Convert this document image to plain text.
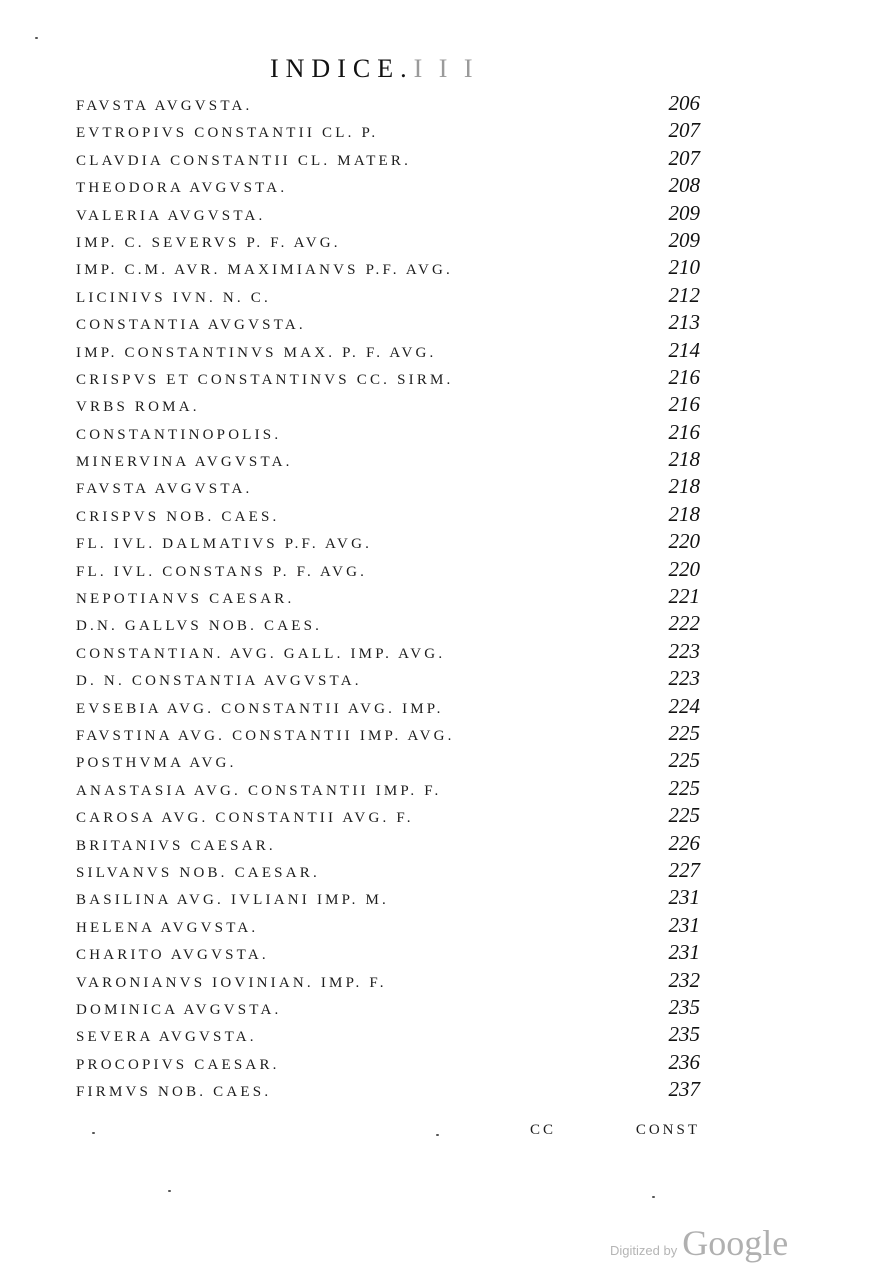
INDICE.I I I
FAVSTA AVGVSTA.	206
EVTROPIVS CONSTANTII CL. P.	207
CLAVDIA CONSTANTII CL. MATER.	207
THEODORA AVGVSTA.	208
VALERIA AVGVSTA.	209
IMP. C. SEVERVS P. F. AVG.	209
IMP. C.M. AVR. MAXIMIANVS P.F. AVG.	210
LICINIVS IVN. N. C.	212
CONSTANTIA AVGVSTA.	213
IMP. CONSTANTINVS MAX. P. F. AVG.	214
CRISPVS ET CONSTANTINVS CC. SIRM.	216
VRBS ROMA.	216
CONSTANTINOPOLIS.	216
MINERVINA AVGVSTA.	218
FAVSTA AVGVSTA.	218
CRISPVS NOB. CAES.	218
FL. IVL. DALMATIVS P.F. AVG.	220
FL. IVL. CONSTANS P. F. AVG.	220
NEPOTIANVS CAESAR.	221
D.N. GALLVS NOB. CAES.	222
CONSTANTIAN. AVG. GALL. IMP. AVG.	223
D. N. CONSTANTIA AVGVSTA.	223
EVSEBIA AVG. CONSTANTII AVG. IMP.	224
FAVSTINA AVG. CONSTANTII IMP. AVG.	225
POSTHVMA AVG.	225
ANASTASIA AVG. CONSTANTII IMP. F.	225
CAROSA AVG. CONSTANTII AVG. F.	225
BRITANIVS CAESAR.	226
SILVANVS NOB. CAESAR.	227
BASILINA AVG. IVLIANI IMP. M.	231
HELENA AVGVSTA.	231
CHARITO AVGVSTA.	231
VARONIANVS IOVINIAN. IMP. F.	232
DOMINICA AVGVSTA.	235
SEVERA AVGVSTA.	235
PROCOPIVS CAESAR.	236
FIRMVS NOB. CAES.	237
CC	CONST
Digitized by Google
